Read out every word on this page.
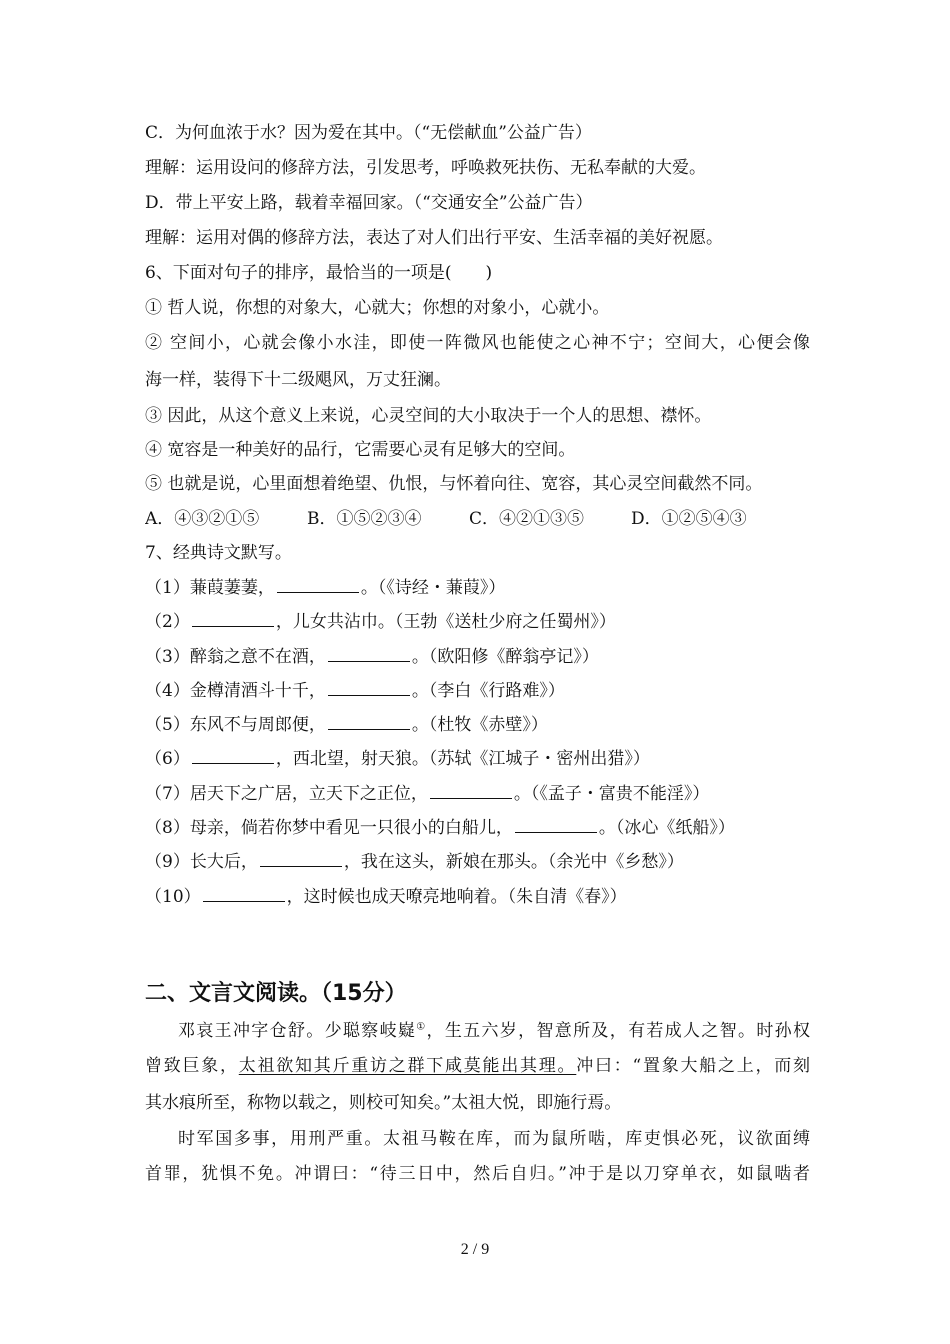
C．为何血浓于水？因为爱在其中。（“无偿献血”公益广告）
理解：运用设问的修辞方法，引发思考，呼唤救死扶伤、无私奉献的大爱。
D．带上平安上路，载着幸福回家。（“交通安全”公益广告）
理解：运用对偶的修辞方法，表达了对人们出行平安、生活幸福的美好祝愿。
6、下面对句子的排序，最恰当的一项是(　　)
① 哲人说，你想的对象大，心就大；你想的对象小，心就小。
② 空间小，心就会像小水洼，即使一阵微风也能使之心神不宁；空间大，心便会像
海一样，装得下十二级飓风，万丈狂澜。
③ 因此，从这个意义上来说，心灵空间的大小取决于一个人的思想、襟怀。
④ 宽容是一种美好的品行，它需要心灵有足够大的空间。
⑤ 也就是说，心里面想着绝望、仇恨，与怀着向往、宽容，其心灵空间截然不同。
A．④③②①⑤	B．①⑤②③④	C．④②①③⑤	D．①②⑤④③
7、经典诗文默写。
（1）蒹葭萋萋，	。（《诗经・蒹葭》）
（2）	，儿女共沾巾。（王勃《送杜少府之任蜀州》）
（3）醉翁之意不在酒，	。（欧阳修《醉翁亭记》）
（4）金樽清酒斗十千，	。（李白《行路难》）
（5）东风不与周郎便，	。（杜牧《赤壁》）
（6）	，西北望，射天狼。（苏轼《江城子・密州出猎》）
（7）居天下之广居，立天下之正位，	。（《孟子・富贵不能淫》）
（8）母亲，倘若你梦中看见一只很小的白船儿，	。（冰心《纸船》）
（9）长大后，	，我在这头，新娘在那头。（余光中《乡愁》）
（10）	，这时候也成天嘹亮地响着。（朱自清《春》）
二、文言文阅读。（15分）
邓哀王冲字仓舒。少聪察岐嶷①，生五六岁，智意所及，有若成人之智。时孙权
曾致巨象，太祖欲知其斤重访之群下咸莫能出其理。冲曰：“置象大船之上，而刻
其水痕所至，称物以载之，则校可知矣。”太祖大悦，即施行焉。
时军国多事，用刑严重。太祖马鞍在库，而为鼠所啮，库吏惧必死，议欲面缚
首罪，犹惧不免。冲谓曰：“待三日中，然后自归。”冲于是以刀穿单衣，如鼠啮者
2 / 9
